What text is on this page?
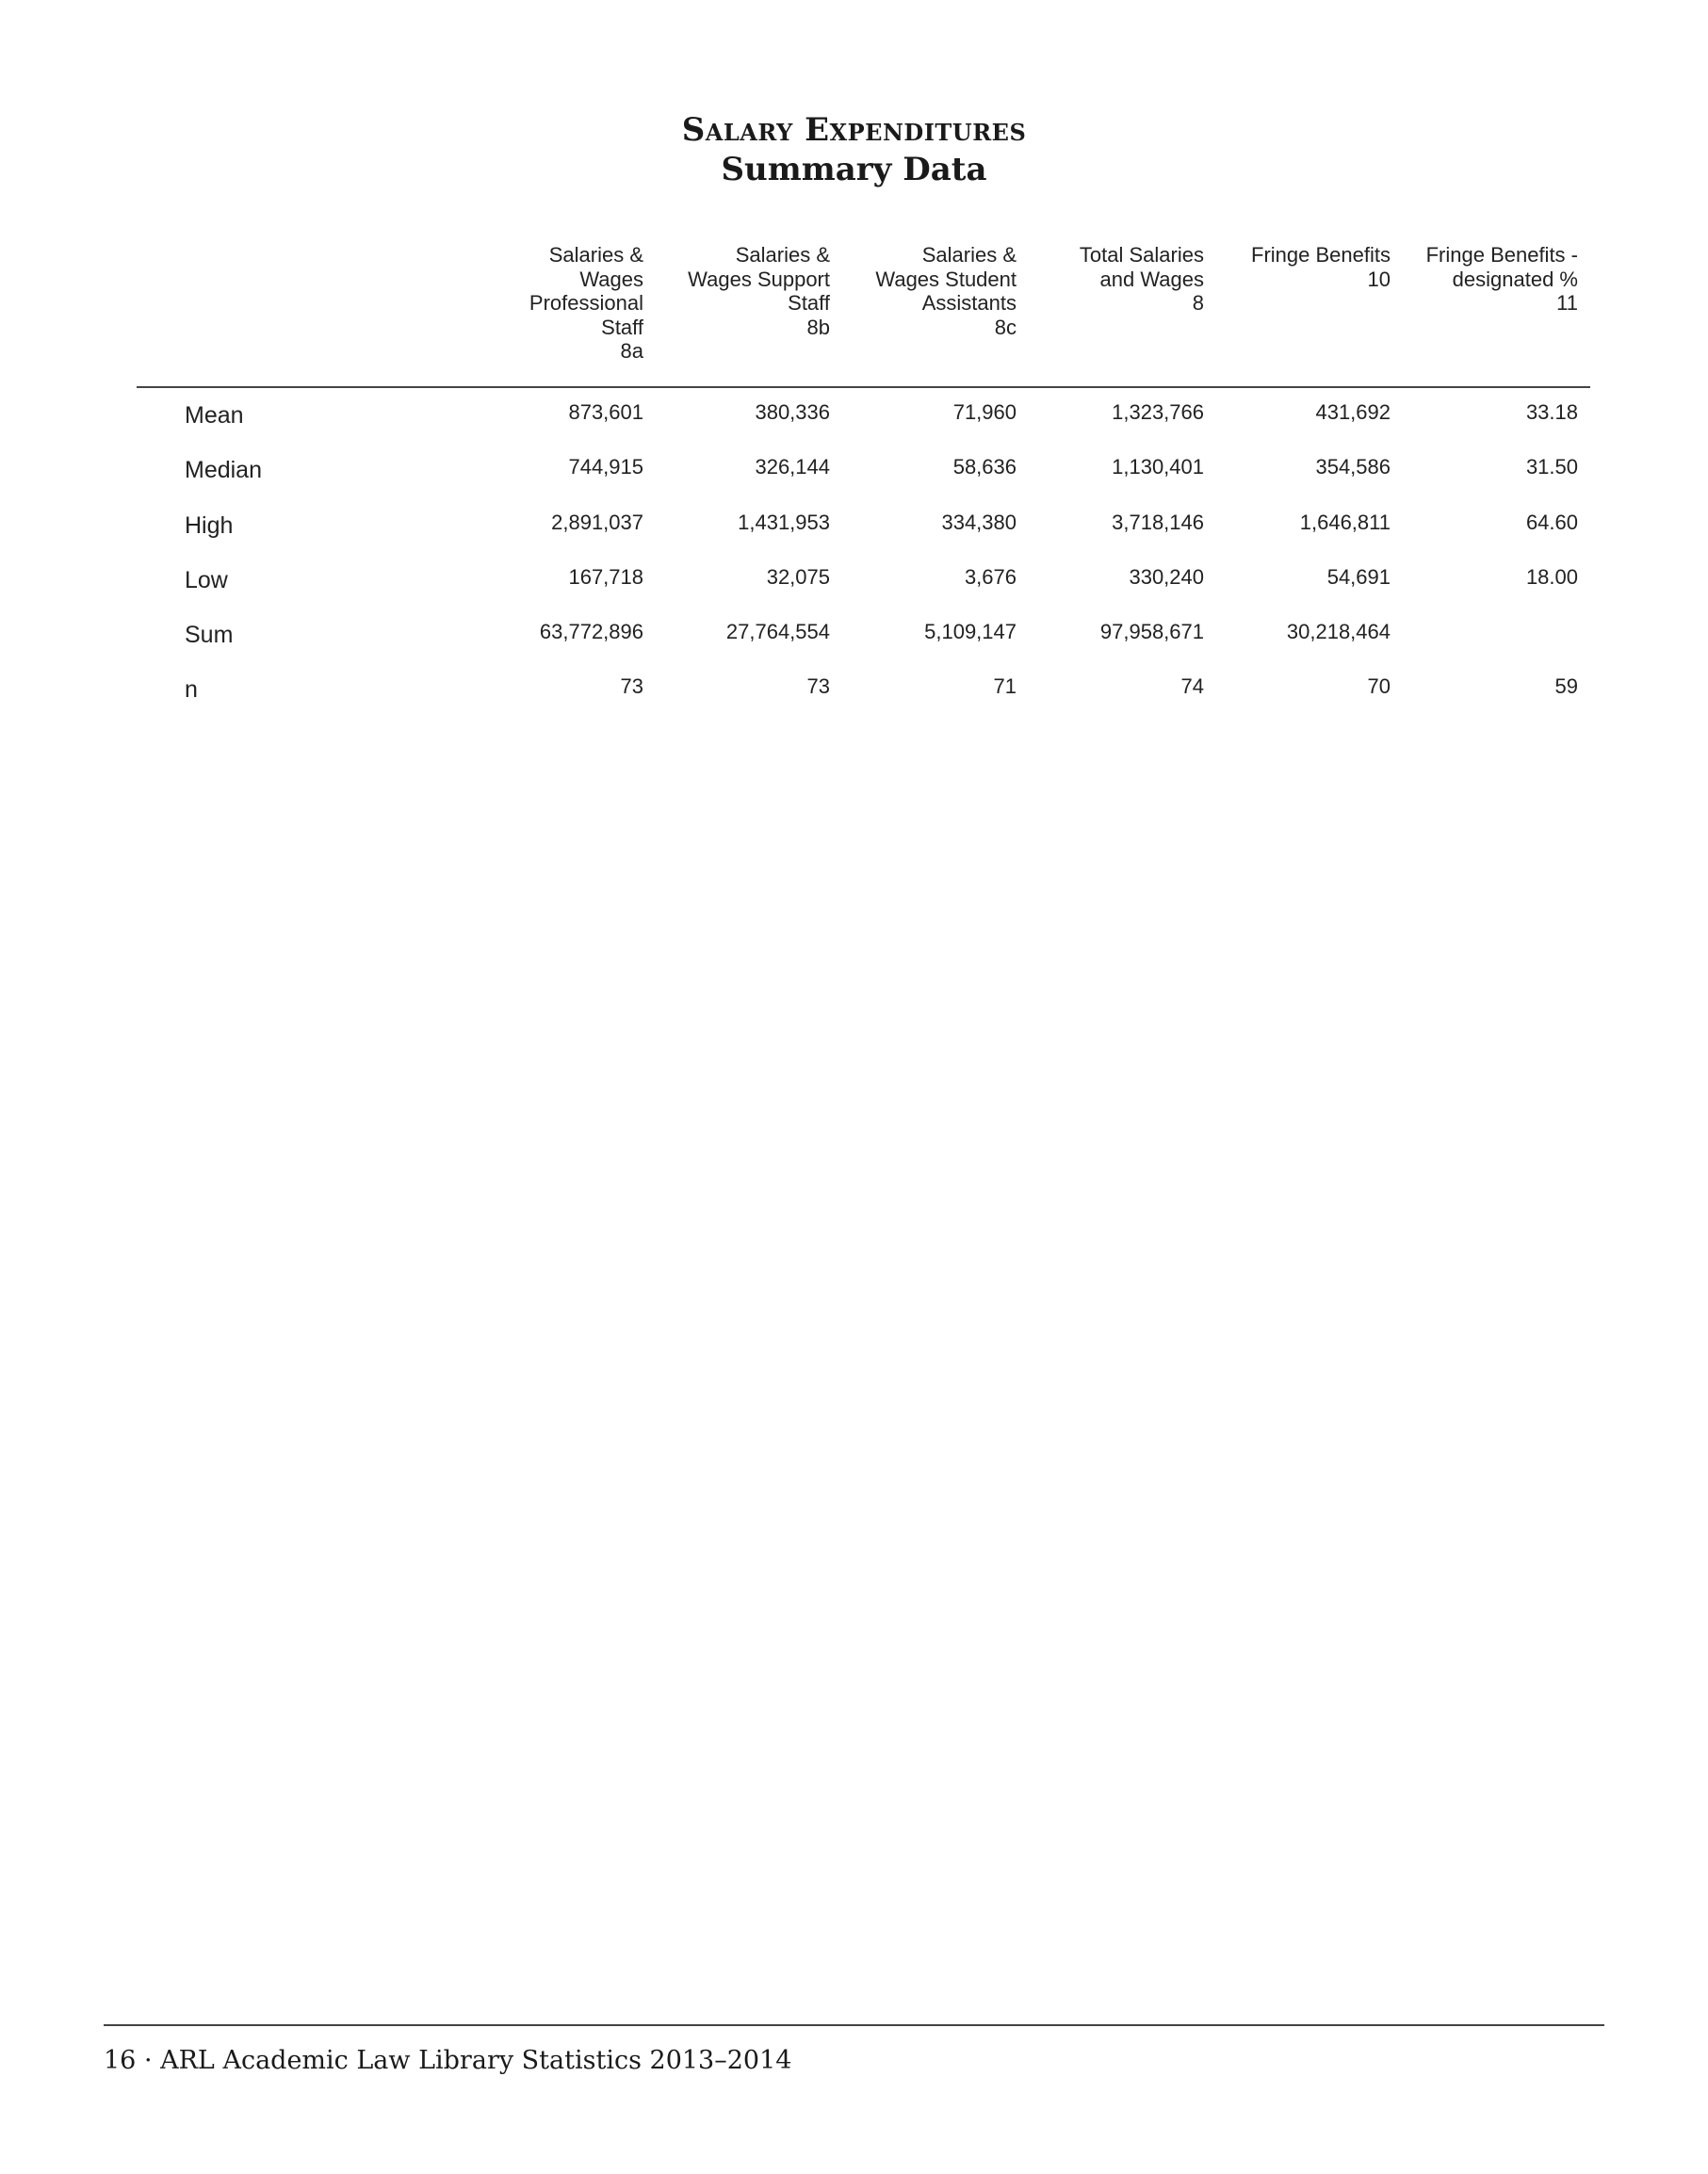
Salary Expenditures
Summary Data
Salaries &
Wages
Professional
Staff
8a
Salaries &
Wages Support
Staff
8b
Salaries &
Wages Student
Assistants
8c
Total Salaries
and Wages
8
Fringe Benefits
10
Fringe Benefits -
designated %
11
Mean	873,601	380,336	71,960	1,323,766	431,692	33.18
Median	744,915	326,144	58,636	1,130,401	354,586	31.50
High	2,891,037	1,431,953	334,380	3,718,146	1,646,811	64.60
Low	167,718	32,075	3,676	330,240	54,691	18.00
Sum	63,772,896	27,764,554	5,109,147	97,958,671	30,218,464
n	73	73	71	74	70	59
16 · ARL Academic Law Library Statistics 2013–2014
